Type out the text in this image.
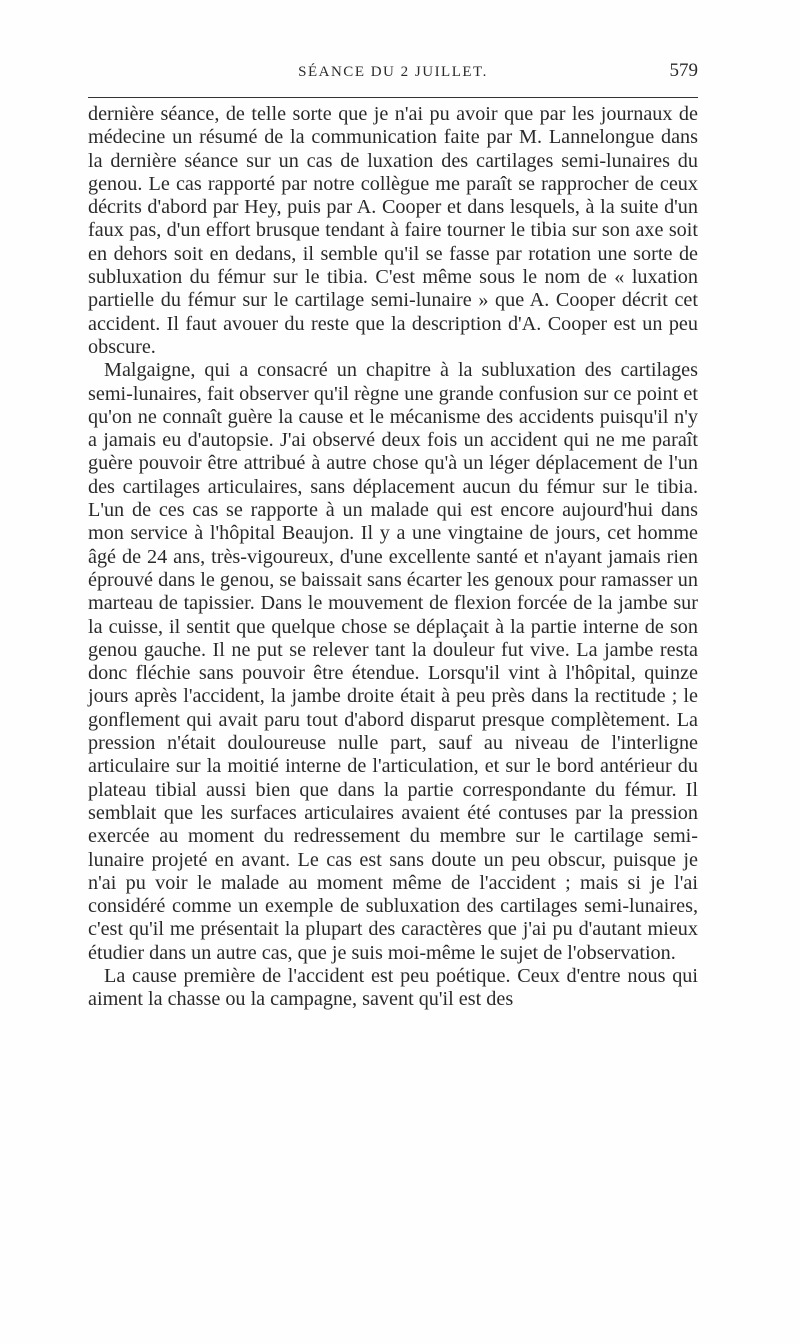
SÉANCE DU 2 JUILLET.	579

dernière séance, de telle sorte que je n'ai pu avoir que par les journaux de médecine un résumé de la communication faite par M. Lannelongue dans la dernière séance sur un cas de luxation des cartilages semi-lunaires du genou. Le cas rapporté par notre collègue me paraît se rapprocher de ceux décrits d'abord par Hey, puis par A. Cooper et dans lesquels, à la suite d'un faux pas, d'un effort brusque tendant à faire tourner le tibia sur son axe soit en dehors soit en dedans, il semble qu'il se fasse par rotation une sorte de subluxation du fémur sur le tibia. C'est même sous le nom de « luxation partielle du fémur sur le cartilage semi-lunaire » que A. Cooper décrit cet accident. Il faut avouer du reste que la description d'A. Cooper est un peu obscure.

Malgaigne, qui a consacré un chapitre à la subluxation des cartilages semi-lunaires, fait observer qu'il règne une grande confusion sur ce point et qu'on ne connaît guère la cause et le mécanisme des accidents puisqu'il n'y a jamais eu d'autopsie. J'ai observé deux fois un accident qui ne me paraît guère pouvoir être attribué à autre chose qu'à un léger déplacement de l'un des cartilages articulaires, sans déplacement aucun du fémur sur le tibia. L'un de ces cas se rapporte à un malade qui est encore aujourd'hui dans mon service à l'hôpital Beaujon. Il y a une vingtaine de jours, cet homme âgé de 24 ans, très-vigoureux, d'une excellente santé et n'ayant jamais rien éprouvé dans le genou, se baissait sans écarter les genoux pour ramasser un marteau de tapissier. Dans le mouvement de flexion forcée de la jambe sur la cuisse, il sentit que quelque chose se déplaçait à la partie interne de son genou gauche. Il ne put se relever tant la douleur fut vive. La jambe resta donc fléchie sans pouvoir être étendue. Lorsqu'il vint à l'hôpital, quinze jours après l'accident, la jambe droite était à peu près dans la rectitude ; le gonflement qui avait paru tout d'abord disparut presque complètement. La pression n'était douloureuse nulle part, sauf au niveau de l'interligne articulaire sur la moitié interne de l'articulation, et sur le bord antérieur du plateau tibial aussi bien que dans la partie correspondante du fémur. Il semblait que les surfaces articulaires avaient été contuses par la pression exercée au moment du redressement du membre sur le cartilage semi-lunaire projeté en avant. Le cas est sans doute un peu obscur, puisque je n'ai pu voir le malade au moment même de l'accident ; mais si je l'ai considéré comme un exemple de subluxation des cartilages semi-lunaires, c'est qu'il me présentait la plupart des caractères que j'ai pu d'autant mieux étudier dans un autre cas, que je suis moi-même le sujet de l'observation.

La cause première de l'accident est peu poétique. Ceux d'entre nous qui aiment la chasse ou la campagne, savent qu'il est des
